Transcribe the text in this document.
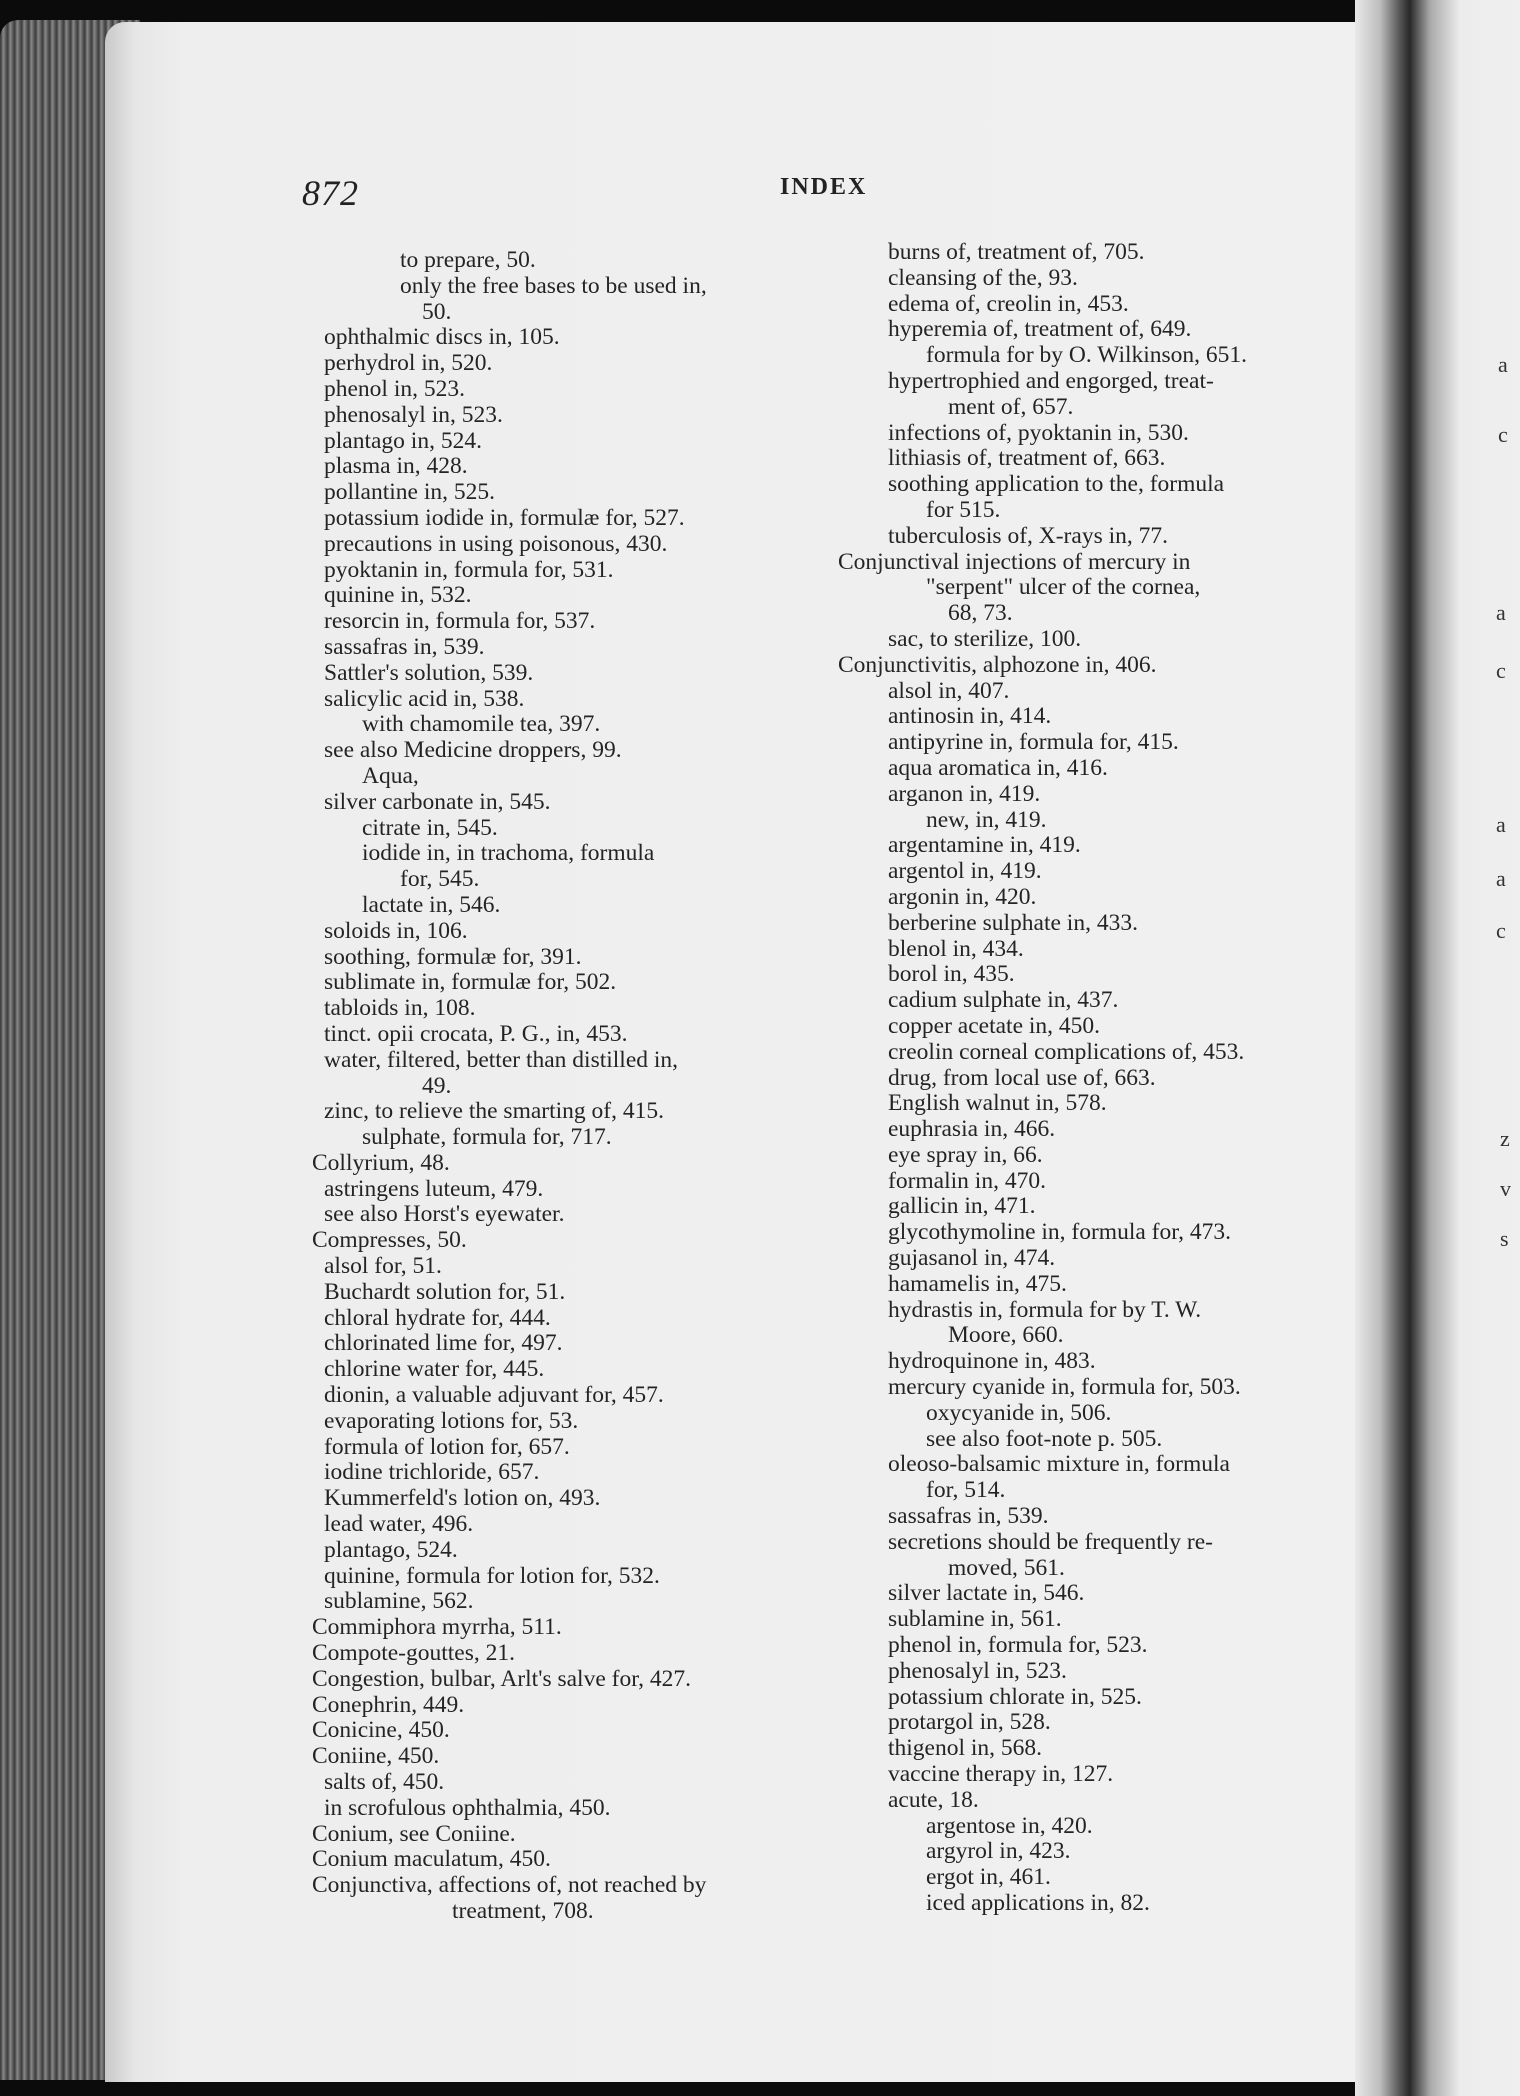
872	INDEX
to prepare, 50.
only the free bases to be used in,
50.
ophthalmic discs in, 105.
perhydrol in, 520.
phenol in, 523.
phenosalyl in, 523.
plantago in, 524.
plasma in, 428.
pollantine in, 525.
potassium iodide in, formulæ for, 527.
precautions in using poisonous, 430.
pyoktanin in, formula for, 531.
quinine in, 532.
resorcin in, formula for, 537.
sassafras in, 539.
Sattler's solution, 539.
salicylic acid in, 538.
with chamomile tea, 397.
see also Medicine droppers, 99.
Aqua,
silver carbonate in, 545.
citrate in, 545.
iodide in, in trachoma, formula
for, 545.
lactate in, 546.
soloids in, 106.
soothing, formulæ for, 391.
sublimate in, formulæ for, 502.
tabloids in, 108.
tinct. opii crocata, P. G., in, 453.
water, filtered, better than distilled in,
49.
zinc, to relieve the smarting of, 415.
sulphate, formula for, 717.
Collyrium, 48.
astringens luteum, 479.
see also Horst's eyewater.
Compresses, 50.
alsol for, 51.
Buchardt solution for, 51.
chloral hydrate for, 444.
chlorinated lime for, 497.
chlorine water for, 445.
dionin, a valuable adjuvant for, 457.
evaporating lotions for, 53.
formula of lotion for, 657.
iodine trichloride, 657.
Kummerfeld's lotion on, 493.
lead water, 496.
plantago, 524.
quinine, formula for lotion for, 532.
sublamine, 562.
Commiphora myrrha, 511.
Compote-gouttes, 21.
Congestion, bulbar, Arlt's salve for, 427.
Conephrin, 449.
Conicine, 450.
Coniine, 450.
salts of, 450.
in scrofulous ophthalmia, 450.
Conium, see Coniine.
Conium maculatum, 450.
Conjunctiva, affections of, not reached by
treatment, 708.
burns of, treatment of, 705.
cleansing of the, 93.
edema of, creolin in, 453.
hyperemia of, treatment of, 649.
formula for by O. Wilkinson, 651.
hypertrophied and engorged, treat-
ment of, 657.
infections of, pyoktanin in, 530.
lithiasis of, treatment of, 663.
soothing application to the, formula
for 515.
tuberculosis of, X-rays in, 77.
Conjunctival injections of mercury in
"serpent" ulcer of the cornea,
68, 73.
sac, to sterilize, 100.
Conjunctivitis, alphozone in, 406.
alsol in, 407.
antinosin in, 414.
antipyrine in, formula for, 415.
aqua aromatica in, 416.
arganon in, 419.
new, in, 419.
argentamine in, 419.
argentol in, 419.
argonin in, 420.
berberine sulphate in, 433.
blenol in, 434.
borol in, 435.
cadium sulphate in, 437.
copper acetate in, 450.
creolin corneal complications of, 453.
drug, from local use of, 663.
English walnut in, 578.
euphrasia in, 466.
eye spray in, 66.
formalin in, 470.
gallicin in, 471.
glycothymoline in, formula for, 473.
gujasanol in, 474.
hamamelis in, 475.
hydrastis in, formula for by T. W.
Moore, 660.
hydroquinone in, 483.
mercury cyanide in, formula for, 503.
oxycyanide in, 506.
see also foot-note p. 505.
oleoso-balsamic mixture in, formula
for, 514.
sassafras in, 539.
secretions should be frequently re-
moved, 561.
silver lactate in, 546.
sublamine in, 561.
phenol in, formula for, 523.
phenosalyl in, 523.
potassium chlorate in, 525.
protargol in, 528.
thigenol in, 568.
vaccine therapy in, 127.
acute, 18.
argentose in, 420.
argyrol in, 423.
ergot in, 461.
iced applications in, 82.
a
c
a
c
a
a
c
z
v
s
